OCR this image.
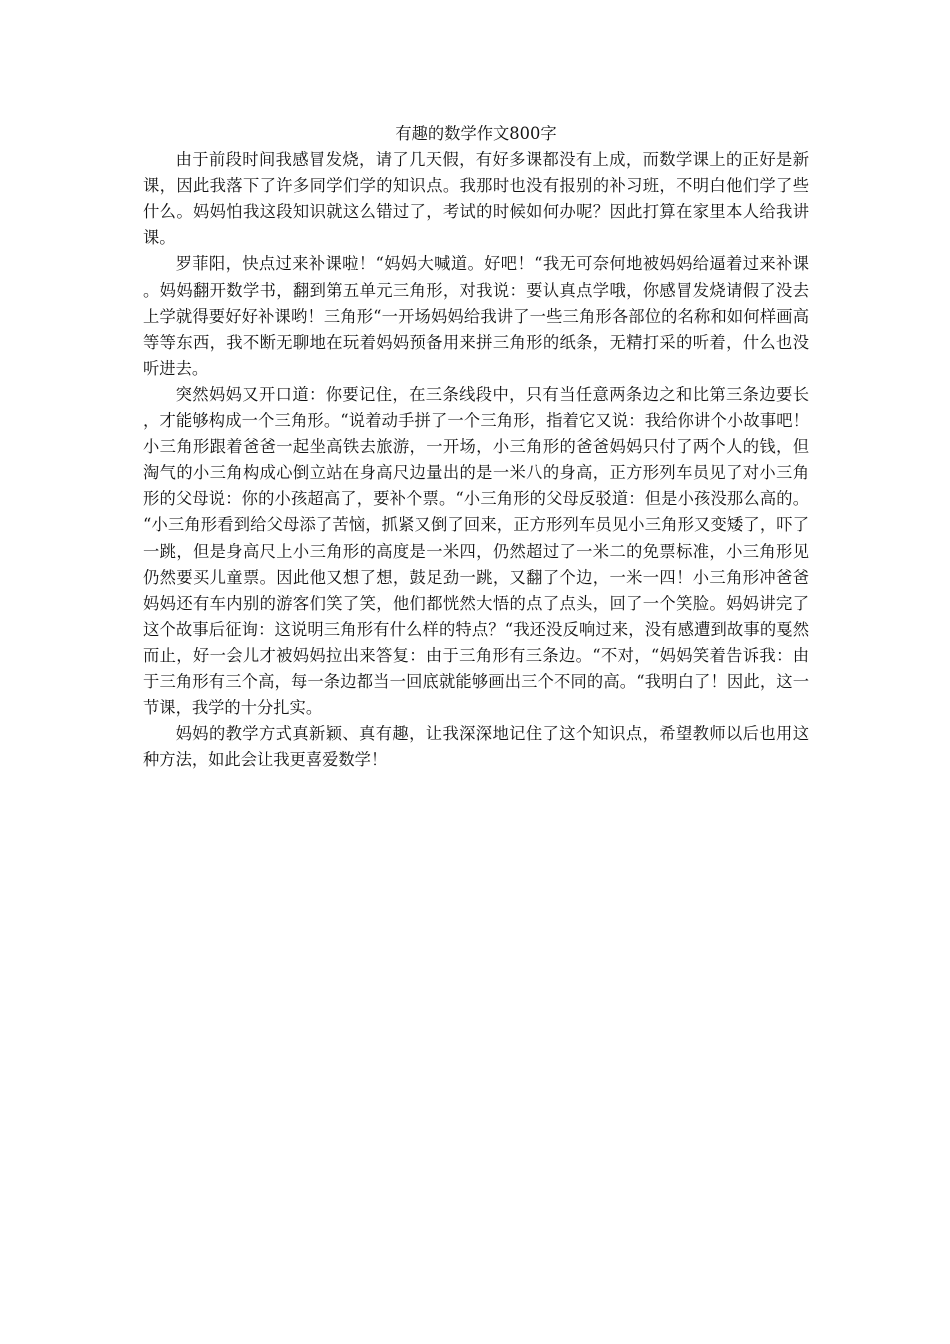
有趣的数学作文800字

由于前段时间我感冒发烧，请了几天假，有好多课都没有上成，而数学课上的正好是新课，因此我落下了许多同学们学的知识点。我那时也没有报别的补习班，不明白他们学了些什么。妈妈怕我这段知识就这么错过了，考试的时候如何办呢？因此打算在家里本人给我讲课。

罗菲阳，快点过来补课啦！“妈妈大喊道。好吧！“我无可奈何地被妈妈给逼着过来补课。妈妈翻开数学书，翻到第五单元三角形，对我说：要认真点学哦，你感冒发烧请假了没去上学就得要好好补课哟！三角形“一开场妈妈给我讲了一些三角形各部位的名称和如何样画高等等东西，我不断无聊地在玩着妈妈预备用来拼三角形的纸条，无精打采的听着，什么也没听进去。

突然妈妈又开口道：你要记住，在三条线段中，只有当任意两条边之和比第三条边要长，才能够构成一个三角形。“说着动手拼了一个三角形，指着它又说：我给你讲个小故事吧！小三角形跟着爸爸一起坐高铁去旅游，一开场，小三角形的爸爸妈妈只付了两个人的钱，但淘气的小三角构成心倒立站在身高尺边量出的是一米八的身高，正方形列车员见了对小三角形的父母说：你的小孩超高了，要补个票。“小三角形的父母反驳道：但是小孩没那么高的。“小三角形看到给父母添了苦恼，抓紧又倒了回来，正方形列车员见小三角形又变矮了，吓了一跳，但是身高尺上小三角形的高度是一米四，仍然超过了一米二的免票标准，小三角形见仍然要买儿童票。因此他又想了想，鼓足劲一跳，又翻了个边，一米一四！小三角形冲爸爸妈妈还有车内别的游客们笑了笑，他们都恍然大悟的点了点头，回了一个笑脸。妈妈讲完了这个故事后征询：这说明三角形有什么样的特点？“我还没反响过来，没有感遭到故事的戛然而止，好一会儿才被妈妈拉出来答复：由于三角形有三条边。“不对，“妈妈笑着告诉我：由于三角形有三个高，每一条边都当一回底就能够画出三个不同的高。“我明白了！因此，这一节课，我学的十分扎实。

妈妈的教学方式真新颖、真有趣，让我深深地记住了这个知识点，希望教师以后也用这种方法，如此会让我更喜爱数学！
